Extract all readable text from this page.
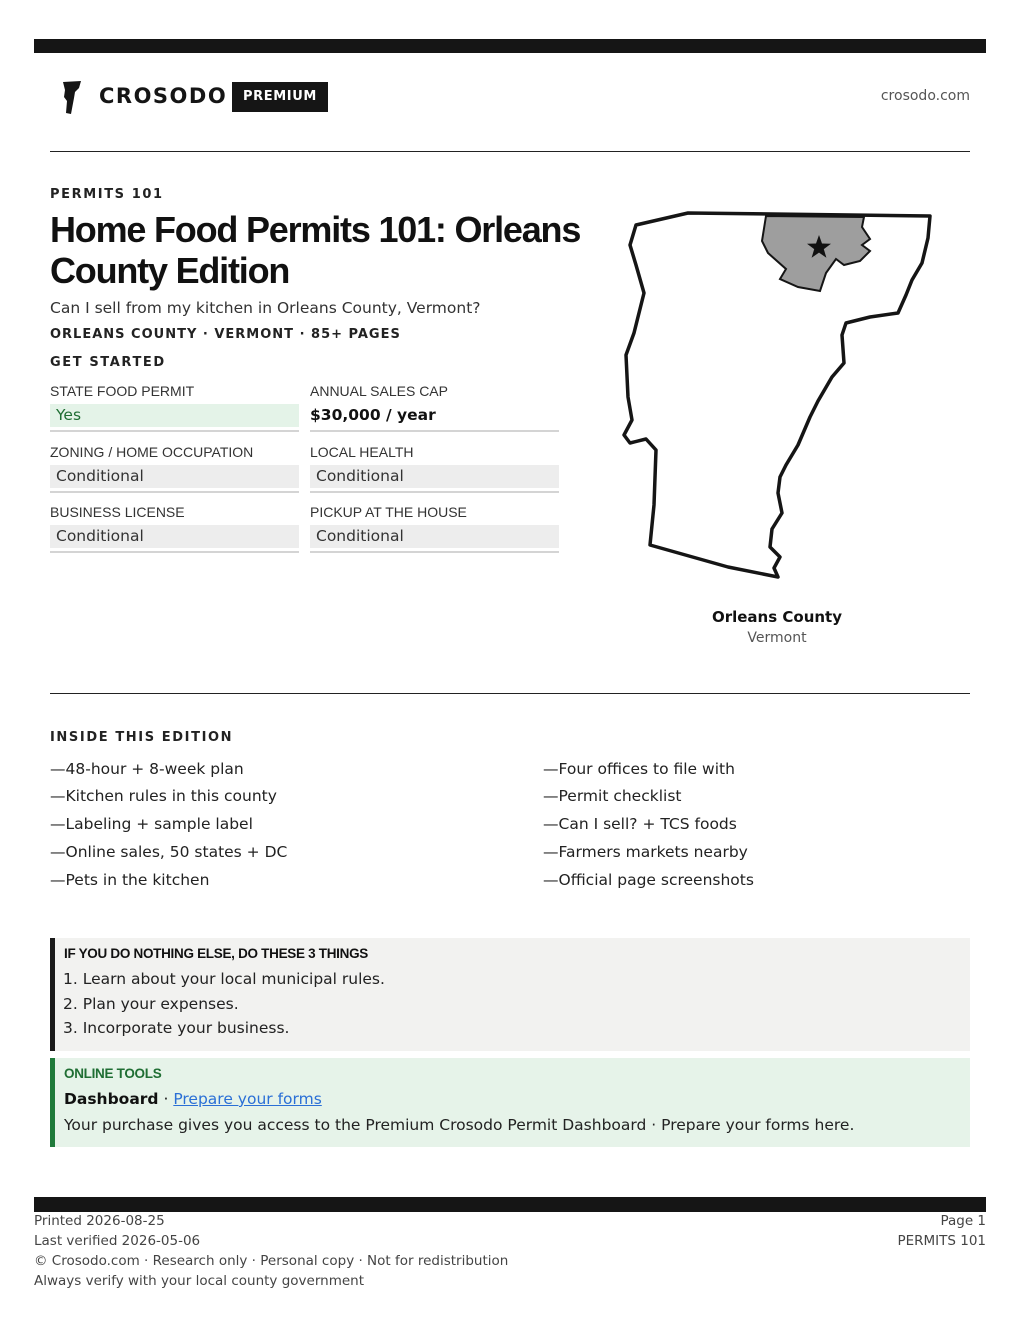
CROSODO	PREMIUM	crosodo.com
PERMITS 101
Home Food Permits 101: Orleans County Edition
Can I sell from my kitchen in Orleans County, Vermont?
ORLEANS COUNTY · VERMONT · 85+ PAGES
GET STARTED
STATE FOOD PERMIT
Yes
ANNUAL SALES CAP
$30,000 / year
ZONING / HOME OCCUPATION
Conditional
LOCAL HEALTH
Conditional
BUSINESS LICENSE
Conditional
PICKUP AT THE HOUSE
Conditional
Orleans County
Vermont
INSIDE THIS EDITION
—48-hour + 8-week plan
—Kitchen rules in this county
—Labeling + sample label
—Online sales, 50 states + DC
—Pets in the kitchen
—Four offices to file with
—Permit checklist
—Can I sell? + TCS foods
—Farmers markets nearby
—Official page screenshots
IF YOU DO NOTHING ELSE, DO THESE 3 THINGS
1. Learn about your local municipal rules.
2. Plan your expenses.
3. Incorporate your business.
ONLINE TOOLS
Dashboard · Prepare your forms
Your purchase gives you access to the Premium Crosodo Permit Dashboard · Prepare your forms here.
Printed 2026-08-25
Last verified 2026-05-06
© Crosodo.com · Research only · Personal copy · Not for redistribution
Always verify with your local county government
Page 1
PERMITS 101
